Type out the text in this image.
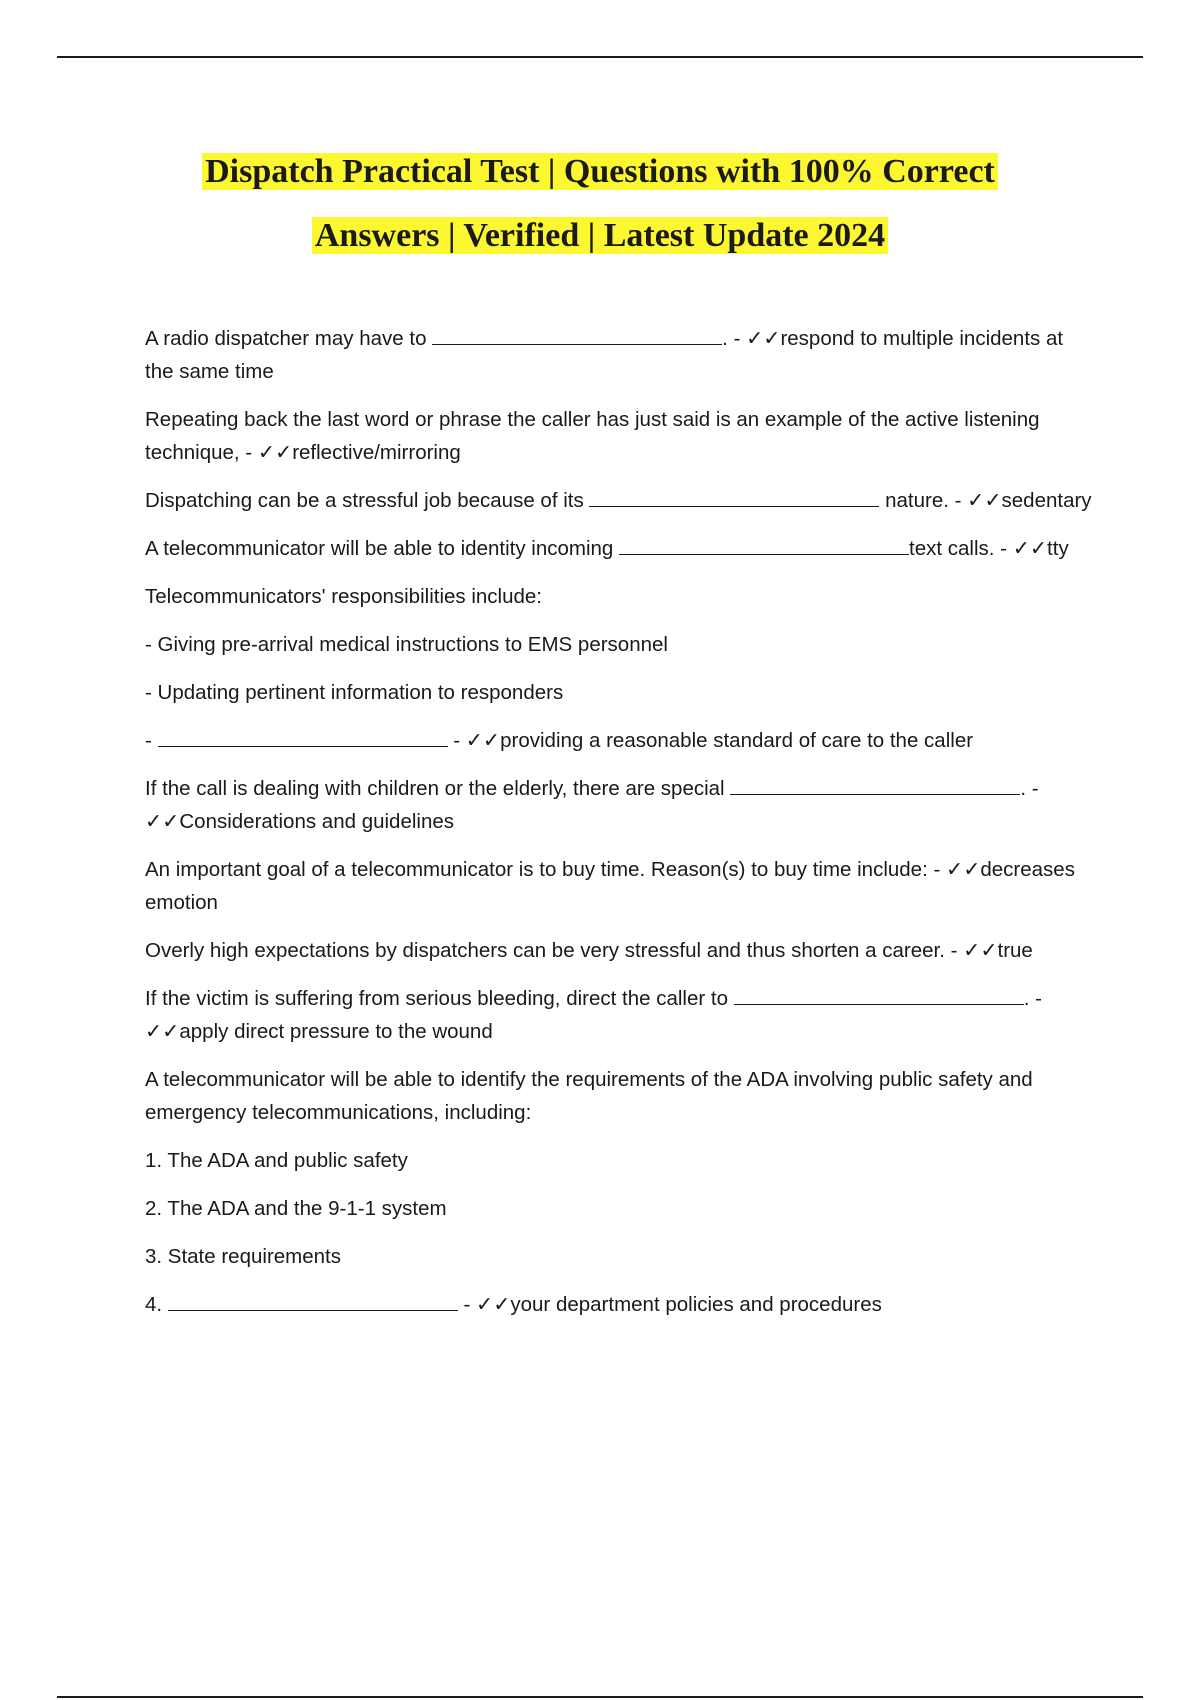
Dispatch Practical Test | Questions with 100% Correct
Answers | Verified | Latest Update 2024
A radio dispatcher may have to	. - ✓✓respond to multiple incidents at the same time
Repeating back the last word or phrase the caller has just said is an example of the active listening technique, - ✓✓reflective/mirroring
Dispatching can be a stressful job because of its	nature. - ✓✓sedentary
A telecommunicator will be able to identity incoming	text calls. - ✓✓tty
Telecommunicators' responsibilities include:
- Giving pre-arrival medical instructions to EMS personnel
- Updating pertinent information to responders
-	- ✓✓providing a reasonable standard of care to the caller
If the call is dealing with children or the elderly, there are special	. - ✓✓Considerations and guidelines
An important goal of a telecommunicator is to buy time. Reason(s) to buy time include: - ✓✓decreases emotion
Overly high expectations by dispatchers can be very stressful and thus shorten a career. - ✓✓true
If the victim is suffering from serious bleeding, direct the caller to	. - ✓✓apply direct pressure to the wound
A telecommunicator will be able to identify the requirements of the ADA involving public safety and emergency telecommunications, including:
1. The ADA and public safety
2. The ADA and the 9-1-1 system
3. State requirements
4.	- ✓✓your department policies and procedures
